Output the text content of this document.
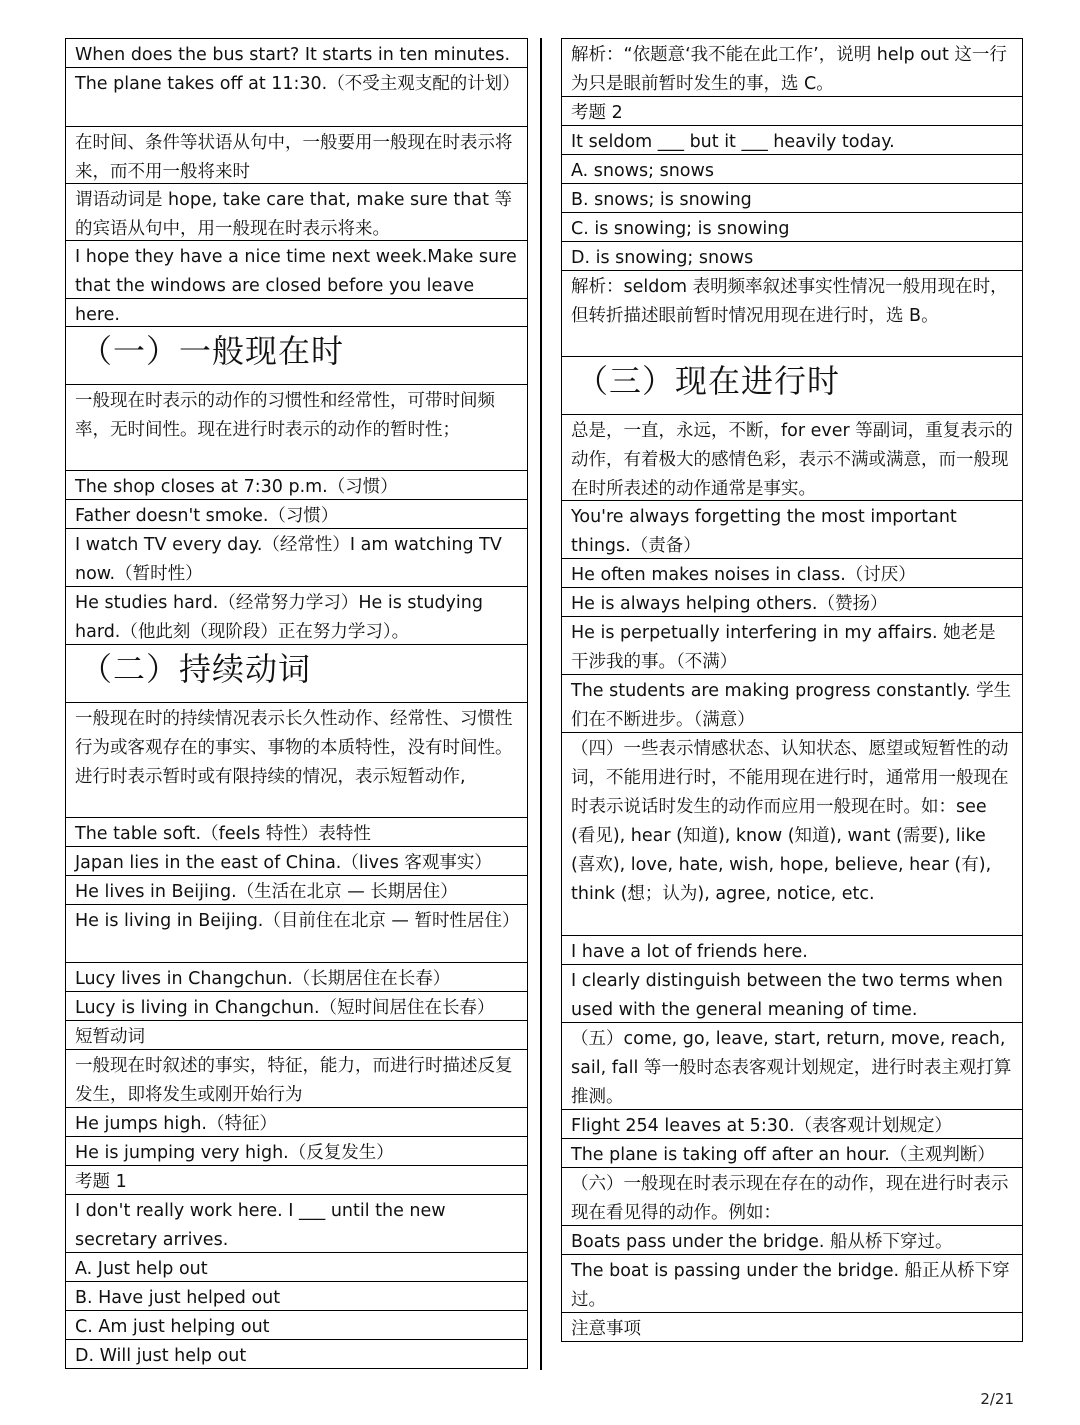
When does the bus start? It starts in ten minutes.
The plane takes off at 11:30.（不受主观支配的计划）
在时间、条件等状语从句中，一般要用一般现在时表示将来，而不用一般将来时
谓语动词是 hope, take care that, make sure that 等的宾语从句中，用一般现在时表示将来。
I hope they have a nice time next week.Make sure that the windows are closed before you leave here.
（一）一般现在时
一般现在时表示的动作的习惯性和经常性，可带时间频率，无时间性。现在进行时表示的动作的暂时性；
The shop closes at 7:30 p.m.（习惯）
Father doesn't smoke.（习惯）
I watch TV every day.（经常性）I am watching TV now.（暂时性）
He studies hard.（经常努力学习）He is studying hard.（他此刻（现阶段）正在努力学习）。
（二）持续动词
一般现在时的持续情况表示长久性动作、经常性、习惯性行为或客观存在的事实、事物的本质特性，没有时间性。进行时表示暂时或有限持续的情况，表示短暂动作,
The table soft.（feels 特性）表特性
Japan lies in the east of China.（lives 客观事实）
He lives in Beijing.（生活在北京 — 长期居住）
He is living in Beijing.（目前住在北京 — 暂时性居住）
Lucy lives in Changchun.（长期居住在长春）
Lucy is living in Changchun.（短时间居住在长春）
短暂动词
一般现在时叙述的事实，特征，能力，而进行时描述反复发生，即将发生或刚开始行为
He jumps high.（特征）
He is jumping very high.（反复发生）
考题 1
I don't really work here. I ___ until the new secretary arrives.
A. Just help out
B. Have just helped out
C. Am just helping out
D. Will just help out
解析：“依题意‘我不能在此工作’，说明 help out 这一行为只是眼前暂时发生的事，选 C。
考题 2
It seldom ___ but it ___ heavily today.
A. snows; snows
B. snows; is snowing
C. is snowing; is snowing
D. is snowing; snows
解析：seldom 表明频率叙述事实性情况一般用现在时，但转折描述眼前暂时情况用现在进行时，选 B。
（三）现在进行时
总是，一直，永远，不断，for ever 等副词，重复表示的动作，有着极大的感情色彩，表示不满或满意，而一般现在时所表述的动作通常是事实。
You're always forgetting the most important things.（责备）
He often makes noises in class.（讨厌）
He is always helping others.（赞扬）
He is perpetually interfering in my affairs. 她老是干涉我的事。（不满）
The students are making progress constantly. 学生们在不断进步。（满意）
（四）一些表示情感状态、认知状态、愿望或短暂性的动词，不能用进行时，不能用现在进行时，通常用一般现在时表示说话时发生的动作而应用一般现在时。如：see (看见), hear (知道), know (知道), want (需要), like (喜欢), love, hate, wish, hope, believe, hear (有), think (想；认为), agree, notice, etc.
I have a lot of friends here.
I clearly distinguish between the two terms when used with the general meaning of time.
（五）come, go, leave, start, return, move, reach, sail, fall 等一般时态表客观计划规定，进行时表主观打算推测。
Flight 254 leaves at 5:30.（表客观计划规定）
The plane is taking off after an hour.（主观判断）
（六）一般现在时表示现在存在的动作，现在进行时表示现在看见得的动作。例如：
Boats pass under the bridge. 船从桥下穿过。
The boat is passing under the bridge. 船正从桥下穿过。
注意事项
2/21
